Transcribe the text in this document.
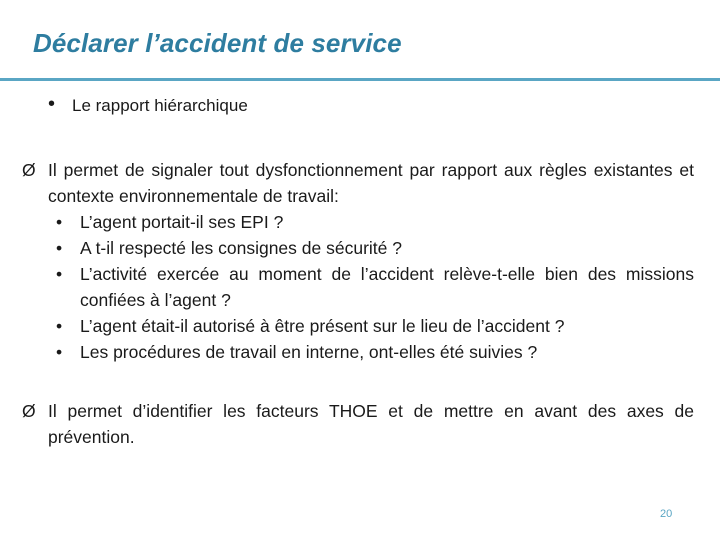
Déclarer l’accident de service
• Le rapport hiérarchique
Ø Il permet de signaler tout dysfonctionnement par rapport aux règles existantes et contexte environnementale de travail:
• L’agent portait-il ses EPI ?
• A t-il respecté les consignes de sécurité ?
• L’activité exercée au moment de l’accident relève-t-elle bien des missions confiées à l’agent ?
• L’agent était-il autorisé à être présent sur le lieu de l’accident ?
• Les procédures de travail en interne, ont-elles été suivies ?
Ø Il permet d’identifier les facteurs THOE et de mettre en avant des axes de prévention.
20
